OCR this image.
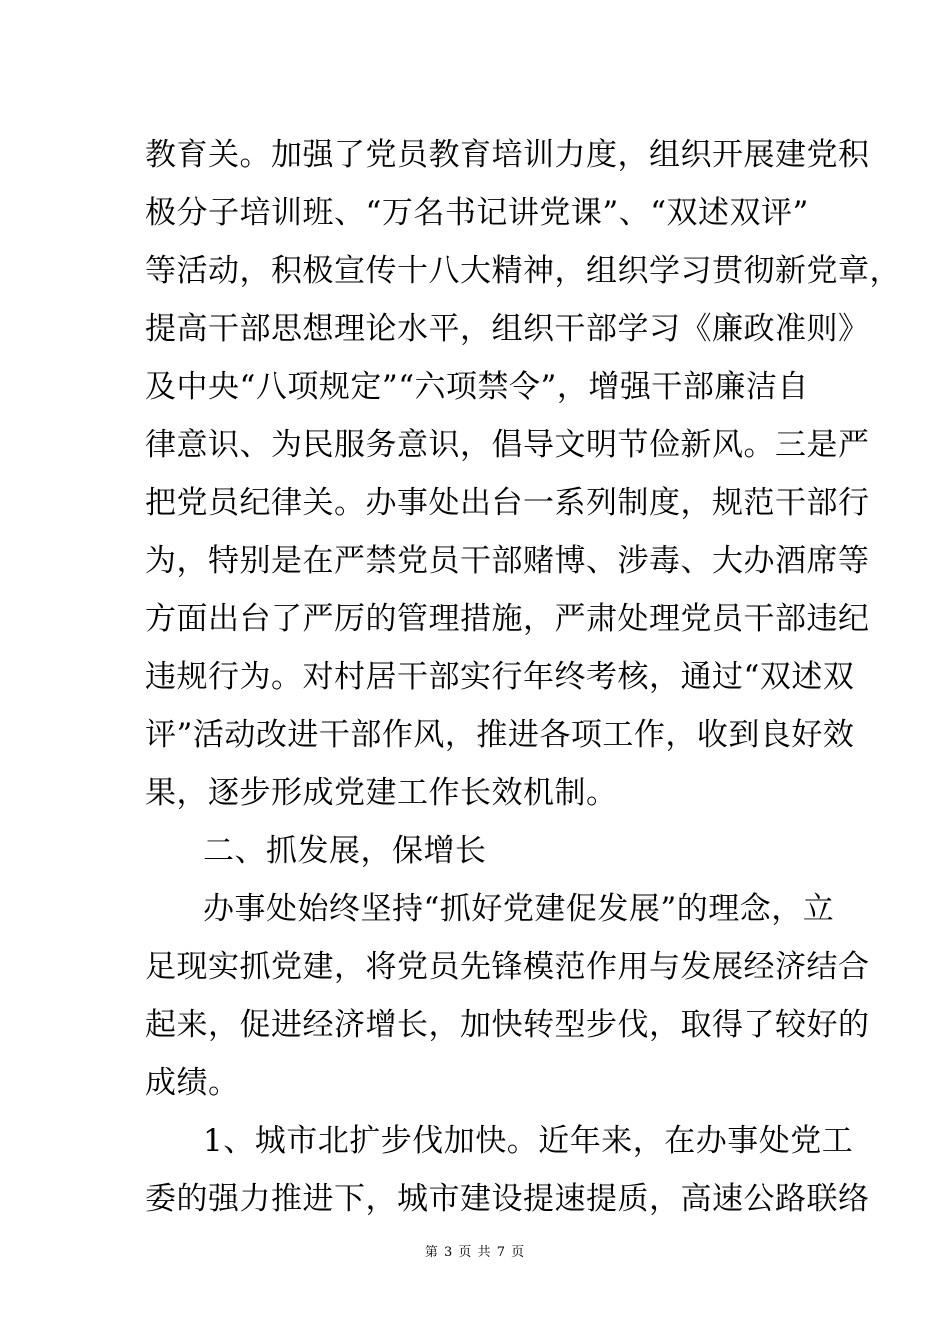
教育关。加强了党员教育培训力度，组织开展建党积
极分子培训班、“万名书记讲党课”、“双述双评”
等活动，积极宣传十八大精神，组织学习贯彻新党章，
提高干部思想理论水平，组织干部学习《廉政准则》
及中央“八项规定”“六项禁令”，增强干部廉洁自
律意识、为民服务意识，倡导文明节俭新风。三是严
把党员纪律关。办事处出台一系列制度，规范干部行
为，特别是在严禁党员干部赌博、涉毒、大办酒席等
方面出台了严厉的管理措施，严肃处理党员干部违纪
违规行为。对村居干部实行年终考核，通过“双述双
评”活动改进干部作风，推进各项工作，收到良好效
果，逐步形成党建工作长效机制。
二、抓发展，保增长
办事处始终坚持“抓好党建促发展”的理念，立
足现实抓党建，将党员先锋模范作用与发展经济结合
起来，促进经济增长，加快转型步伐，取得了较好的
成绩。
1、城市北扩步伐加快。近年来，在办事处党工
委的强力推进下，城市建设提速提质，高速公路联络
第 3 页 共 7 页
